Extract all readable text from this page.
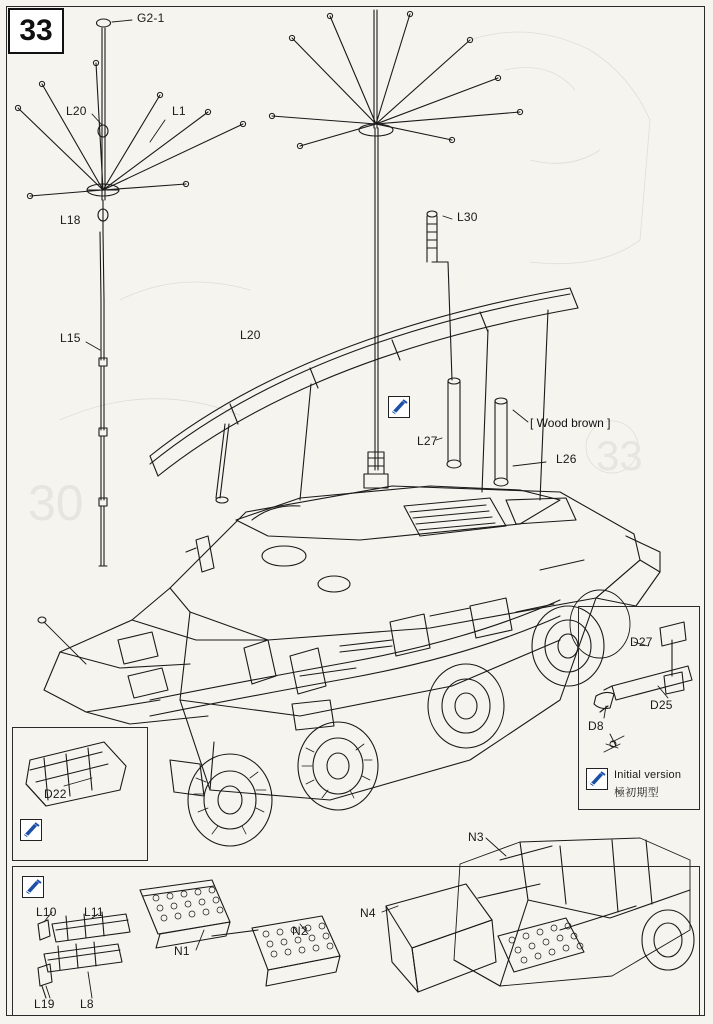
30
33
33
[ Wood brown ]
Initial version
極初期型
G2-1
L20	L1
L18
L15	L20
L30
L27
L26
D27
D25
D8
D22
L10 L11
L19 L8
N1
N2
N3
N4
